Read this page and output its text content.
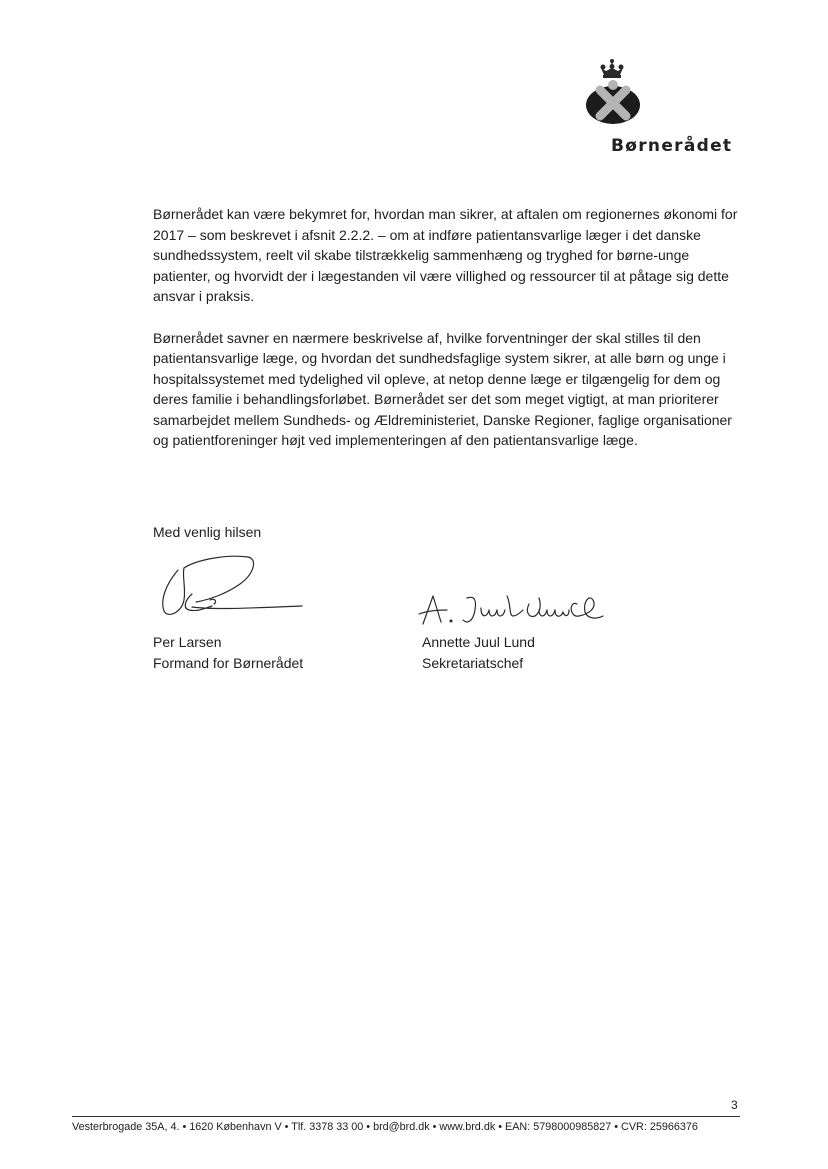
Børnerådet

Børnerådet kan være bekymret for, hvordan man sikrer, at aftalen om regionernes økonomi for 2017 – som beskrevet i afsnit 2.2.2. – om at indføre patientansvarlige læger i det danske sundhedssystem, reelt vil skabe tilstrækkelig sammenhæng og tryghed for børne-unge patienter, og hvorvidt der i lægestanden vil være villighed og ressourcer til at påtage sig dette ansvar i praksis.

Børnerådet savner en nærmere beskrivelse af, hvilke forventninger der skal stilles til den patientansvarlige læge, og hvordan det sundhedsfaglige system sikrer, at alle børn og unge i hospitalssystemet med tydelighed vil opleve, at netop denne læge er tilgængelig for dem og deres familie i behandlingsforløbet. Børnerådet ser det som meget vigtigt, at man prioriterer samarbejdet mellem Sundheds- og Ældreministeriet, Danske Regioner, faglige organisationer og patientforeninger højt ved implementeringen af den patientansvarlige læge.

Med venlig hilsen
Per Larsen
Formand for Børnerådet
Annette Juul Lund
Sekretariatschef
3
Vesterbrogade 35A, 4. • 1620 København V • Tlf. 3378 33 00 • brd@brd.dk • www.brd.dk • EAN: 5798000985827 • CVR: 25966376
